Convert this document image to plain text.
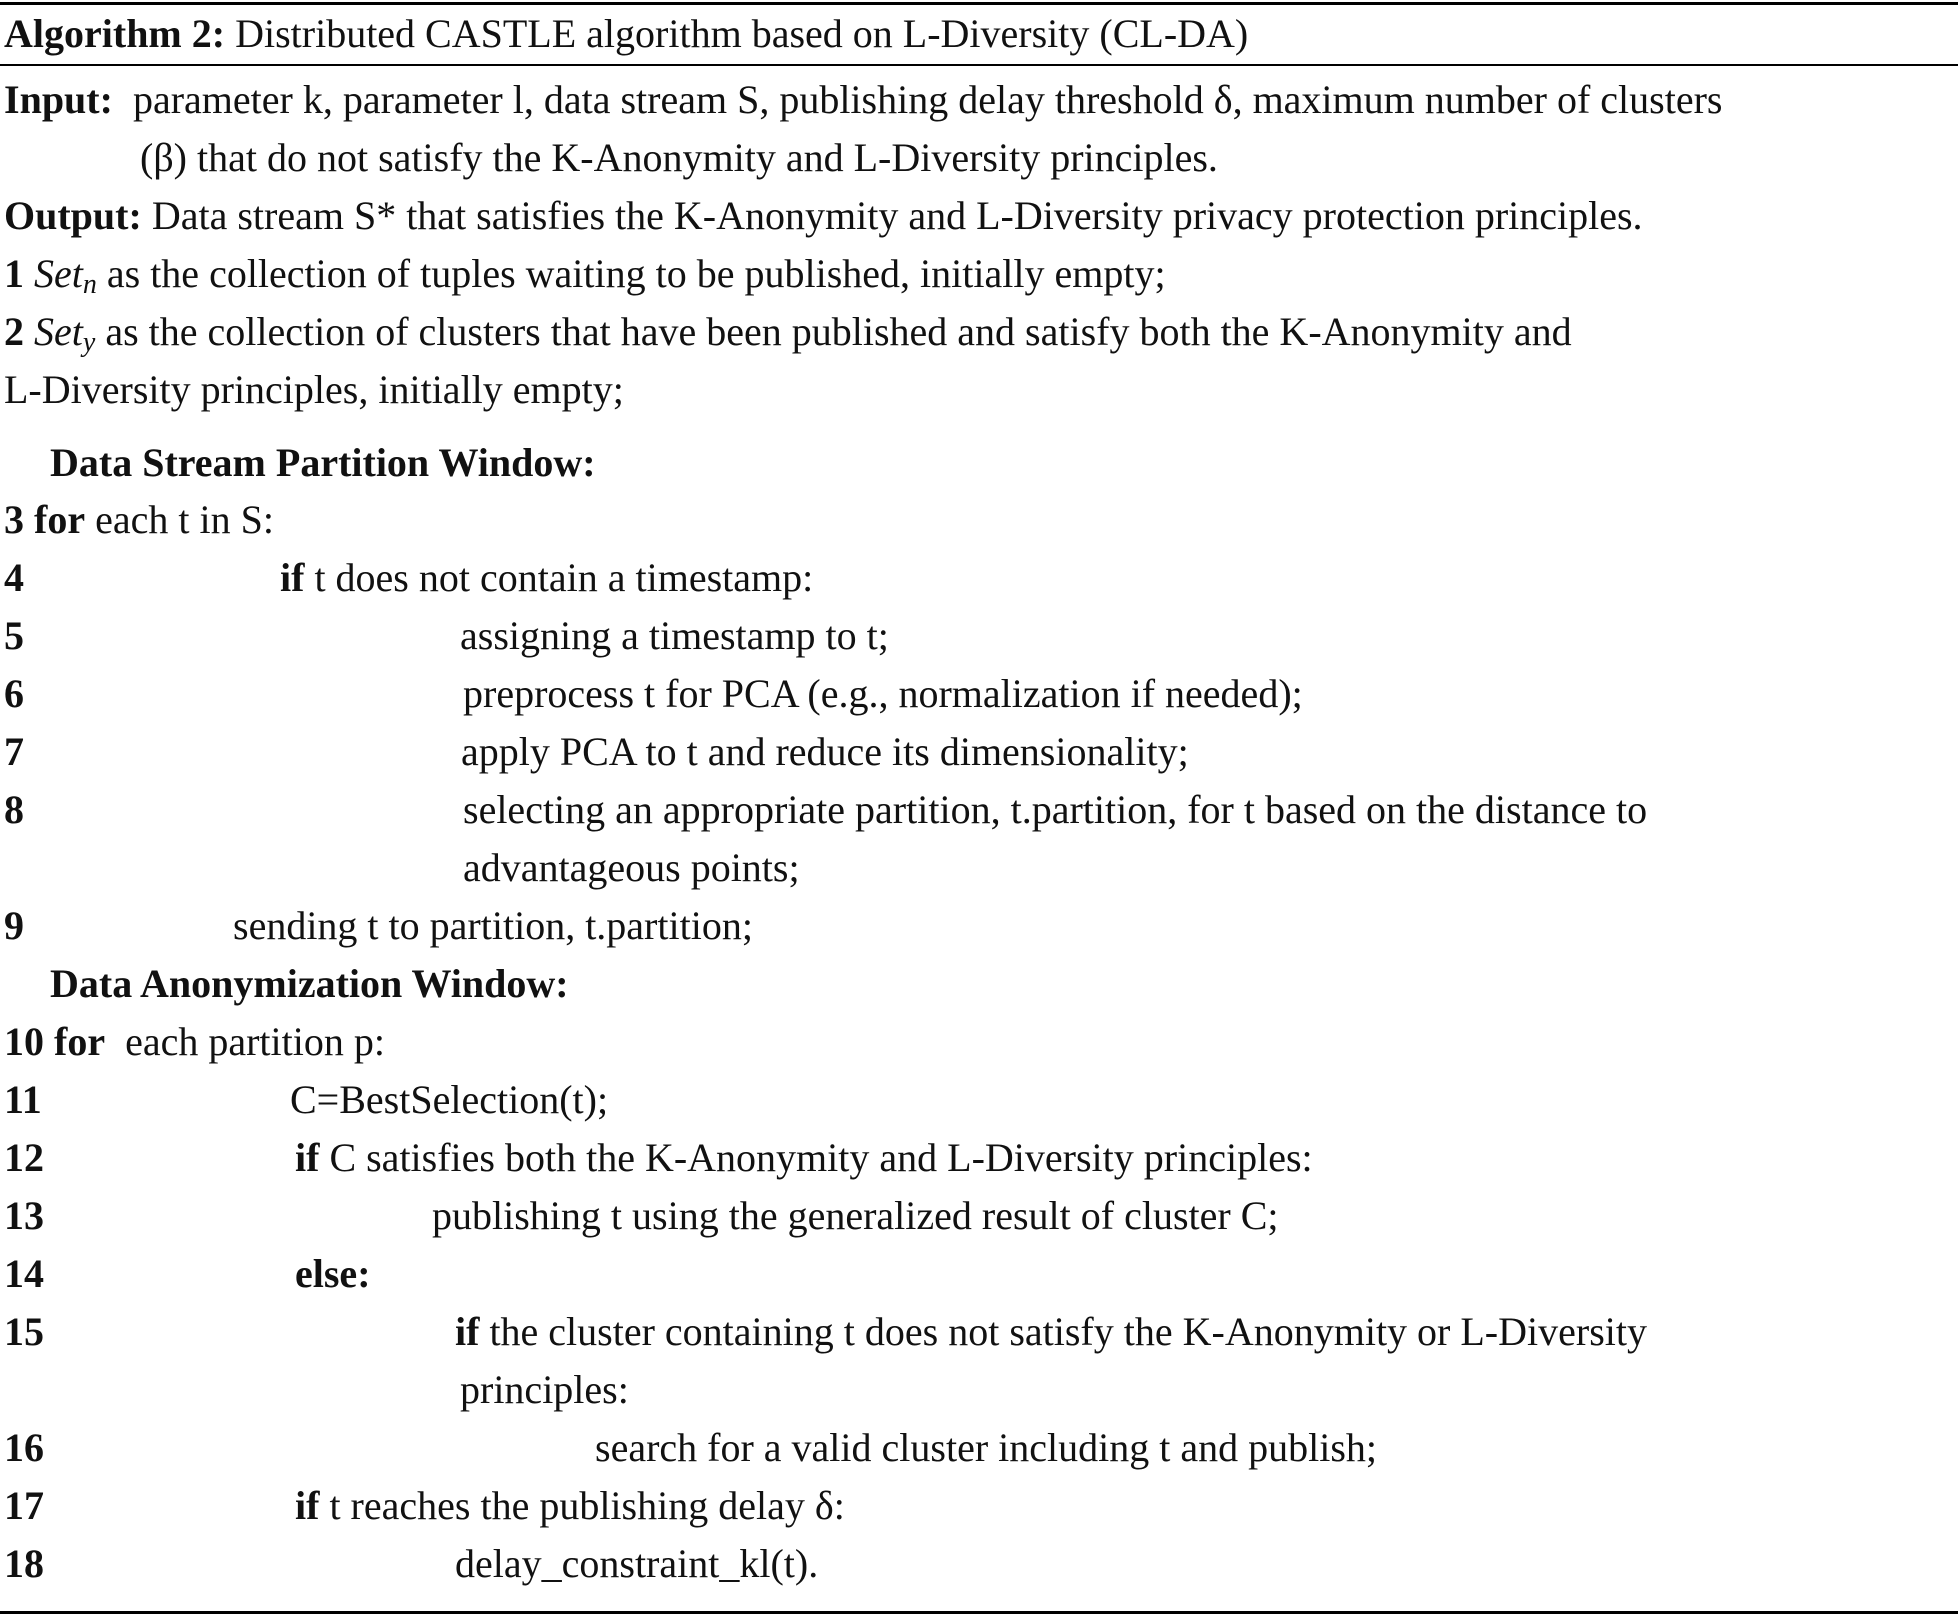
Algorithm 2: Distributed CASTLE algorithm based on L-Diversity (CL-DA)
Input: parameter k, parameter l, data stream S, publishing delay threshold δ, maximum number of clusters
(β) that do not satisfy the K-Anonymity and L-Diversity principles.
Output: Data stream S* that satisfies the K-Anonymity and L-Diversity privacy protection principles.
1 Set$_n$ as the collection of tuples waiting to be published, initially empty;
2 Set$_y$ as the collection of clusters that have been published and satisfy both the K-Anonymity and
L-Diversity principles, initially empty;
Data Stream Partition Window:
3 for each t in S:
4	if t does not contain a timestamp:
5	assigning a timestamp to t;
6	preprocess t for PCA (e.g., normalization if needed);
7	apply PCA to t and reduce its dimensionality;
8	selecting an appropriate partition, t.partition, for t based on the distance to
advantageous points;
9	sending t to partition, t.partition;
Data Anonymization Window:
10 for each partition p:
11	C=BestSelection(t);
12	if C satisfies both the K-Anonymity and L-Diversity principles:
13	publishing t using the generalized result of cluster C;
14	else:
15	if the cluster containing t does not satisfy the K-Anonymity or L-Diversity
principles:
16	search for a valid cluster including t and publish;
17	if t reaches the publishing delay δ:
18	delay_constraint_kl(t).
